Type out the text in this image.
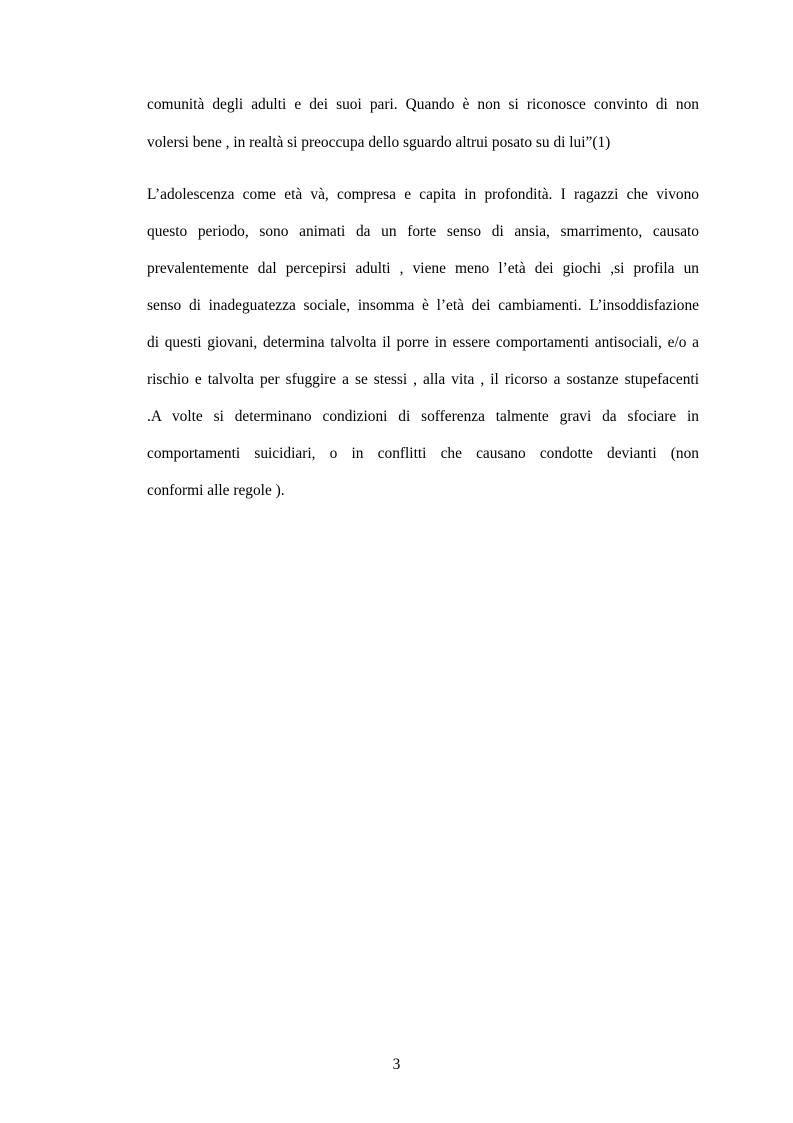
comunità degli adulti e dei suoi pari. Quando è non si riconosce convinto di non

volersi bene , in realtà si preoccupa dello sguardo altrui posato su di lui”(1)

L’adolescenza come età và, compresa e capita in profondità. I ragazzi che vivono

questo periodo, sono animati da un forte senso di ansia, smarrimento, causato

prevalentemente dal percepirsi adulti , viene meno l’età dei giochi ,si profila un

senso di inadeguatezza sociale, insomma è l’età dei cambiamenti. L’insoddisfazione

di questi giovani, determina talvolta il porre in essere comportamenti antisociali, e/o a

rischio e talvolta per sfuggire a se stessi , alla vita , il ricorso a sostanze stupefacenti

.A volte si determinano condizioni di sofferenza talmente gravi da sfociare in

comportamenti suicidiari, o in conflitti che causano condotte devianti (non

conformi alle regole ).

3
